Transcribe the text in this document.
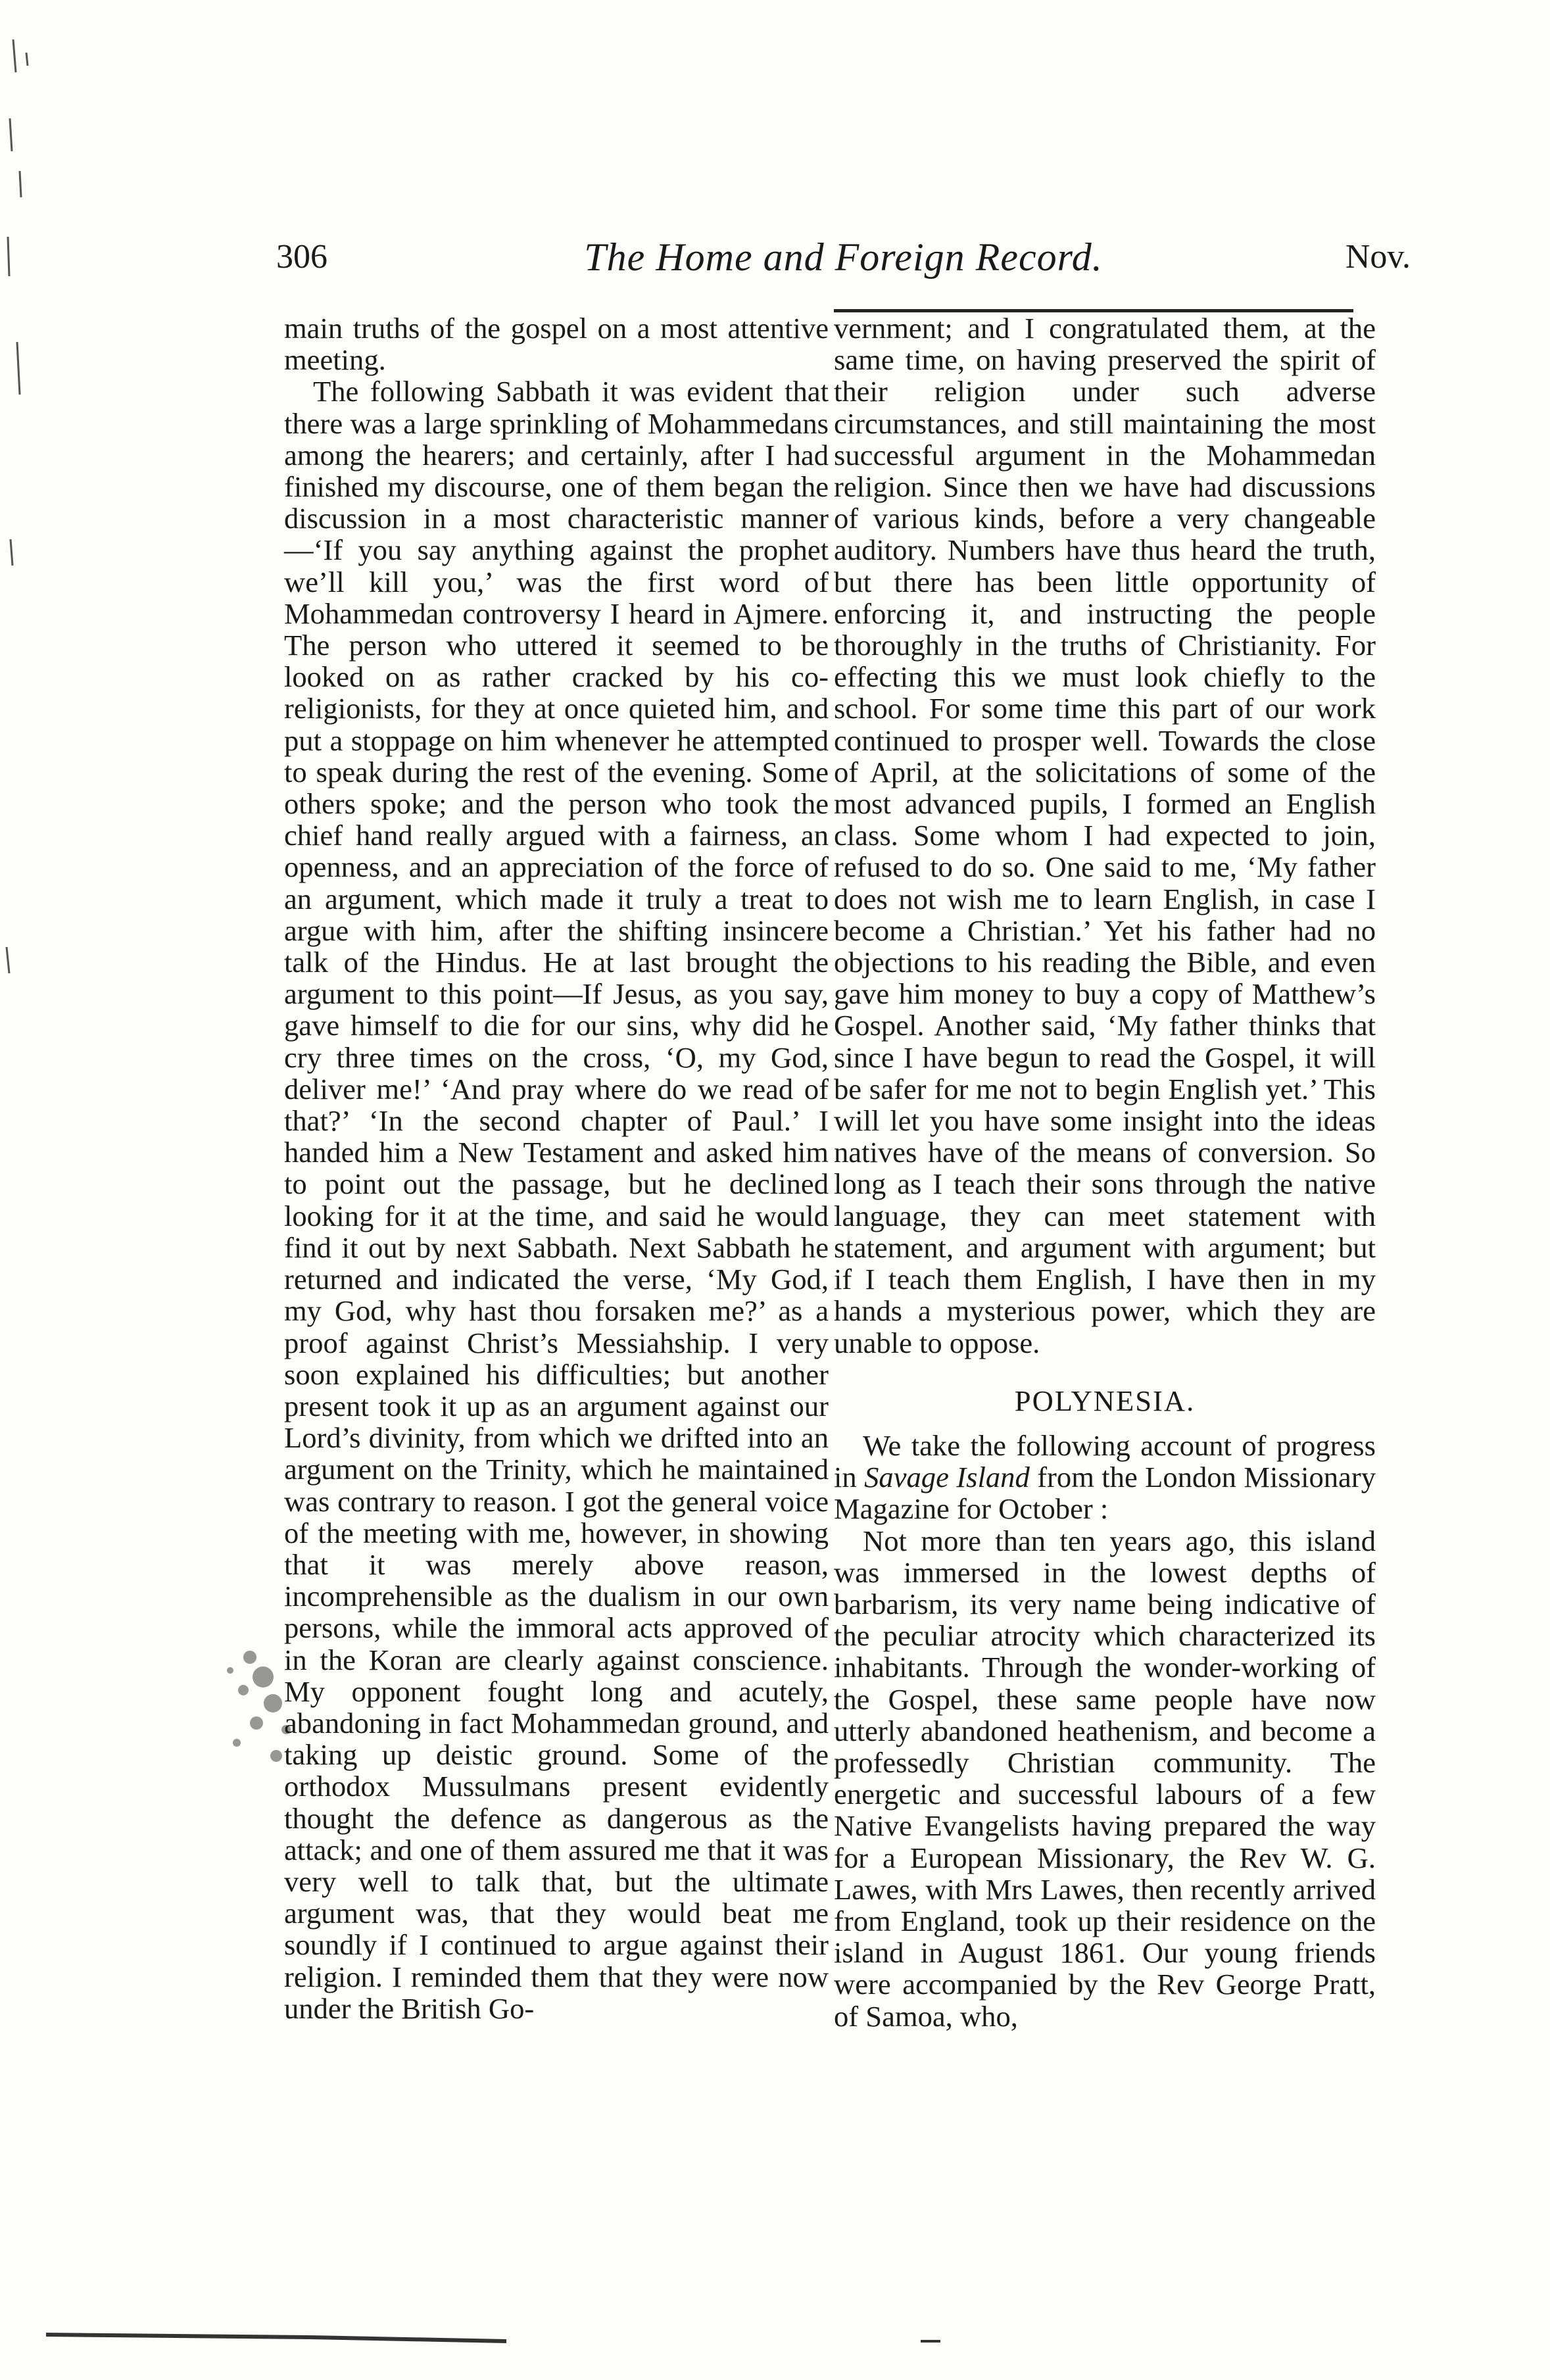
306	The Home and Foreign Record.	Nov.

main truths of the gospel on a most attentive meeting.

The following Sabbath it was evident that there was a large sprinkling of Mohammedans among the hearers; and certainly, after I had finished my discourse, one of them began the discussion in a most characteristic manner—‘If you say anything against the prophet we’ll kill you,’ was the first word of Mohammedan controversy I heard in Ajmere. The person who uttered it seemed to be looked on as rather cracked by his co-religionists, for they at once quieted him, and put a stoppage on him whenever he attempted to speak during the rest of the evening. Some others spoke; and the person who took the chief hand really argued with a fairness, an openness, and an appreciation of the force of an argument, which made it truly a treat to argue with him, after the shifting insincere talk of the Hindus. He at last brought the argument to this point—If Jesus, as you say, gave himself to die for our sins, why did he cry three times on the cross, ‘O, my God, deliver me!’ ‘And pray where do we read of that?’ ‘In the second chapter of Paul.’ I handed him a New Testament and asked him to point out the passage, but he declined looking for it at the time, and said he would find it out by next Sabbath. Next Sabbath he returned and indicated the verse, ‘My God, my God, why hast thou forsaken me?’ as a proof against Christ’s Messiahship. I very soon explained his difficulties; but another present took it up as an argument against our Lord’s divinity, from which we drifted into an argument on the Trinity, which he maintained was contrary to reason. I got the general voice of the meeting with me, however, in showing that it was merely above reason, incomprehensible as the dualism in our own persons, while the immoral acts approved of in the Koran are clearly against conscience. My opponent fought long and acutely, abandoning in fact Mohammedan ground, and taking up deistic ground. Some of the orthodox Mussulmans present evidently thought the defence as dangerous as the attack; and one of them assured me that it was very well to talk that, but the ultimate argument was, that they would beat me soundly if I continued to argue against their religion. I reminded them that they were now under the British Go-

vernment; and I congratulated them, at the same time, on having preserved the spirit of their religion under such adverse circumstances, and still maintaining the most successful argument in the Mohammedan religion. Since then we have had discussions of various kinds, before a very changeable auditory. Numbers have thus heard the truth, but there has been little opportunity of enforcing it, and instructing the people thoroughly in the truths of Christianity. For effecting this we must look chiefly to the school. For some time this part of our work continued to prosper well. Towards the close of April, at the solicitations of some of the most advanced pupils, I formed an English class. Some whom I had expected to join, refused to do so. One said to me, ‘My father does not wish me to learn English, in case I become a Christian.’ Yet his father had no objections to his reading the Bible, and even gave him money to buy a copy of Matthew’s Gospel. Another said, ‘My father thinks that since I have begun to read the Gospel, it will be safer for me not to begin English yet.’ This will let you have some insight into the ideas natives have of the means of conversion. So long as I teach their sons through the native language, they can meet statement with statement, and argument with argument; but if I teach them English, I have then in my hands a mysterious power, which they are unable to oppose.

POLYNESIA.

We take the following account of progress in Savage Island from the London Missionary Magazine for October :

Not more than ten years ago, this island was immersed in the lowest depths of barbarism, its very name being indicative of the peculiar atrocity which characterized its inhabitants. Through the wonder-working of the Gospel, these same people have now utterly abandoned heathenism, and become a professedly Christian community. The energetic and successful labours of a few Native Evangelists having prepared the way for a European Missionary, the Rev W. G. Lawes, with Mrs Lawes, then recently arrived from England, took up their residence on the island in August 1861. Our young friends were accompanied by the Rev George Pratt, of Samoa, who,
